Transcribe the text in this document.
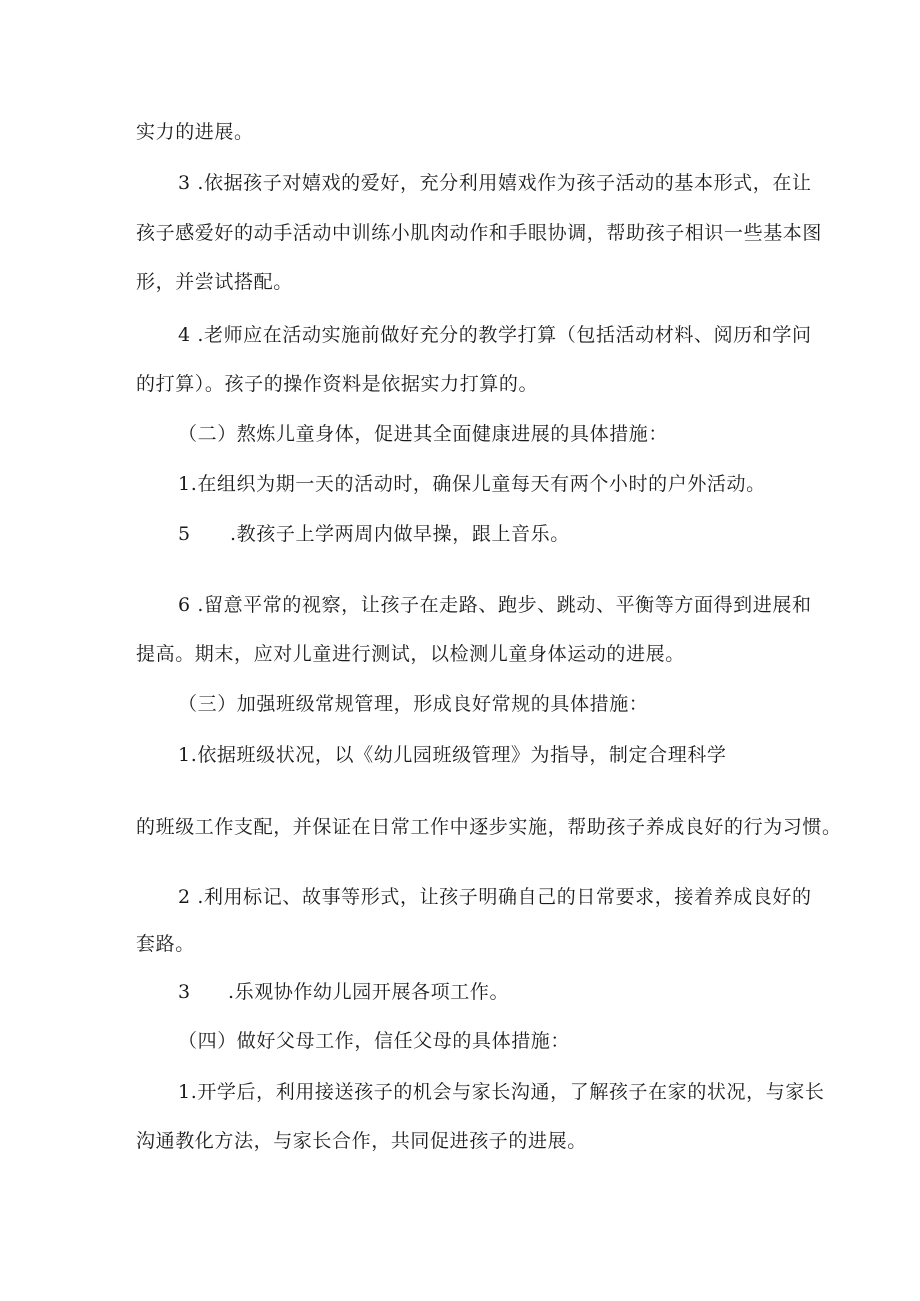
实力的进展。
3 .依据孩子对嬉戏的爱好，充分利用嬉戏作为孩子活动的基本形式，在让
孩子感爱好的动手活动中训练小肌肉动作和手眼协调，帮助孩子相识一些基本图
形，并尝试搭配。
4 .老师应在活动实施前做好充分的教学打算（包括活动材料、阅历和学问
的打算）。孩子的操作资料是依据实力打算的。
（二）熬炼儿童身体，促进其全面健康进展的具体措施：
1.在组织为期一天的活动时，确保儿童每天有两个小时的户外活动。
5 .教孩子上学两周内做早操，跟上音乐。
6 .留意平常的视察，让孩子在走路、跑步、跳动、平衡等方面得到进展和
提高。期末，应对儿童进行测试，以检测儿童身体运动的进展。
（三）加强班级常规管理，形成良好常规的具体措施：
1.依据班级状况，以《幼儿园班级管理》为指导，制定合理科学
的班级工作支配，并保证在日常工作中逐步实施，帮助孩子养成良好的行为习惯。
2 .利用标记、故事等形式，让孩子明确自己的日常要求，接着养成良好的
套路。
3 .乐观协作幼儿园开展各项工作。
（四）做好父母工作，信任父母的具体措施：
1.开学后，利用接送孩子的机会与家长沟通，了解孩子在家的状况，与家长
沟通教化方法，与家长合作，共同促进孩子的进展。
